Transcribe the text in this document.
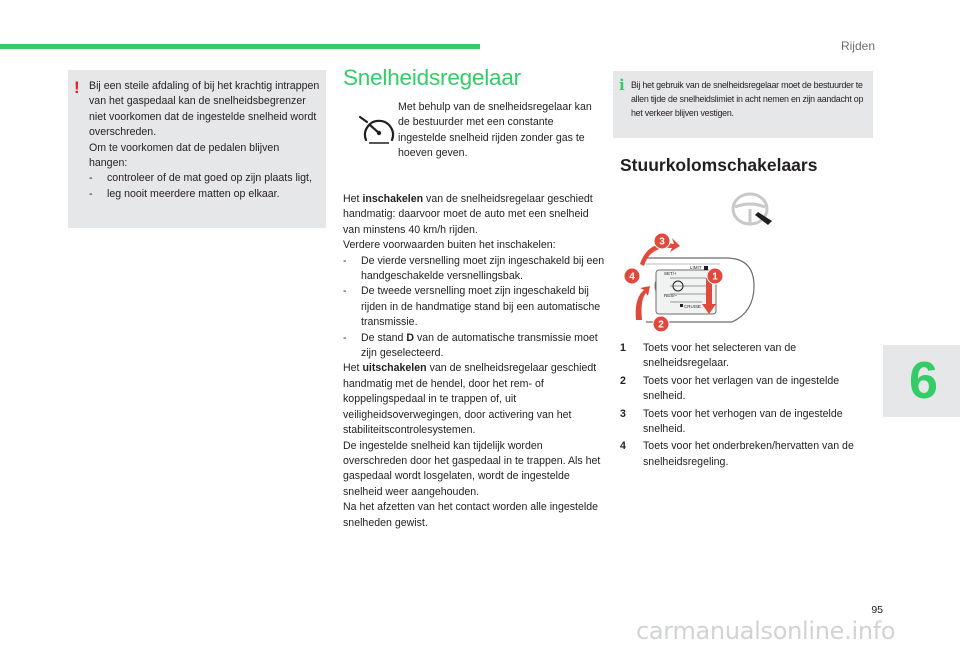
Rijden
! Bij een steile afdaling of bij het krachtig intrappen van het gaspedaal kan de snelheidsbegrenzer niet voorkomen dat de ingestelde snelheid wordt overschreden.
Om te voorkomen dat de pedalen blijven hangen:
- controleer of de mat goed op zijn plaats ligt,
- leg nooit meerdere matten op elkaar.
Snelheidsregelaar
Met behulp van de snelheidsregelaar kan de bestuurder met een constante ingestelde snelheid rijden zonder gas te hoeven geven.

Het inschakelen van de snelheidsregelaar geschiedt handmatig: daarvoor moet de auto met een snelheid van minstens 40 km/h rijden.

Verdere voorwaarden buiten het inschakelen:

- De vierde versnelling moet zijn ingeschakeld bij een handgeschakelde versnellingsbak.
- De tweede versnelling moet zijn ingeschakeld bij rijden in de handmatige stand bij een automatische transmissie.
- De stand D van de automatische transmissie moet zijn geselecteerd.

Het uitschakelen van de snelheidsregelaar geschiedt handmatig met de hendel, door het rem- of koppelingspedaal in te trappen of, uit veiligheidsoverwegingen, door activering van het stabiliteitscontrolesystemen.

De ingestelde snelheid kan tijdelijk worden overschreden door het gaspedaal in te trappen. Als het gaspedaal wordt losgelaten, wordt de ingestelde snelheid weer aangehouden.

Na het afzetten van het contact worden alle ingestelde snelheden gewist.

i Bij het gebruik van de snelheidsregelaar moet de bestuurder te allen tijde de snelheidslimiet in acht nemen en zijn aandacht op het verkeer blijven vestigen.
Stuurkolomschakelaars
SET/+
LIMIT
RES/–
CRUISE
3
4	1
2
1 Toets voor het selecteren van de snelheidsregelaar.
2 Toets voor het verlagen van de ingestelde snelheid.
3 Toets voor het verhogen van de ingestelde snelheid.
4 Toets voor het onderbreken/hervatten van de snelheidsregeling.
6
95
carmanualsonline.info
